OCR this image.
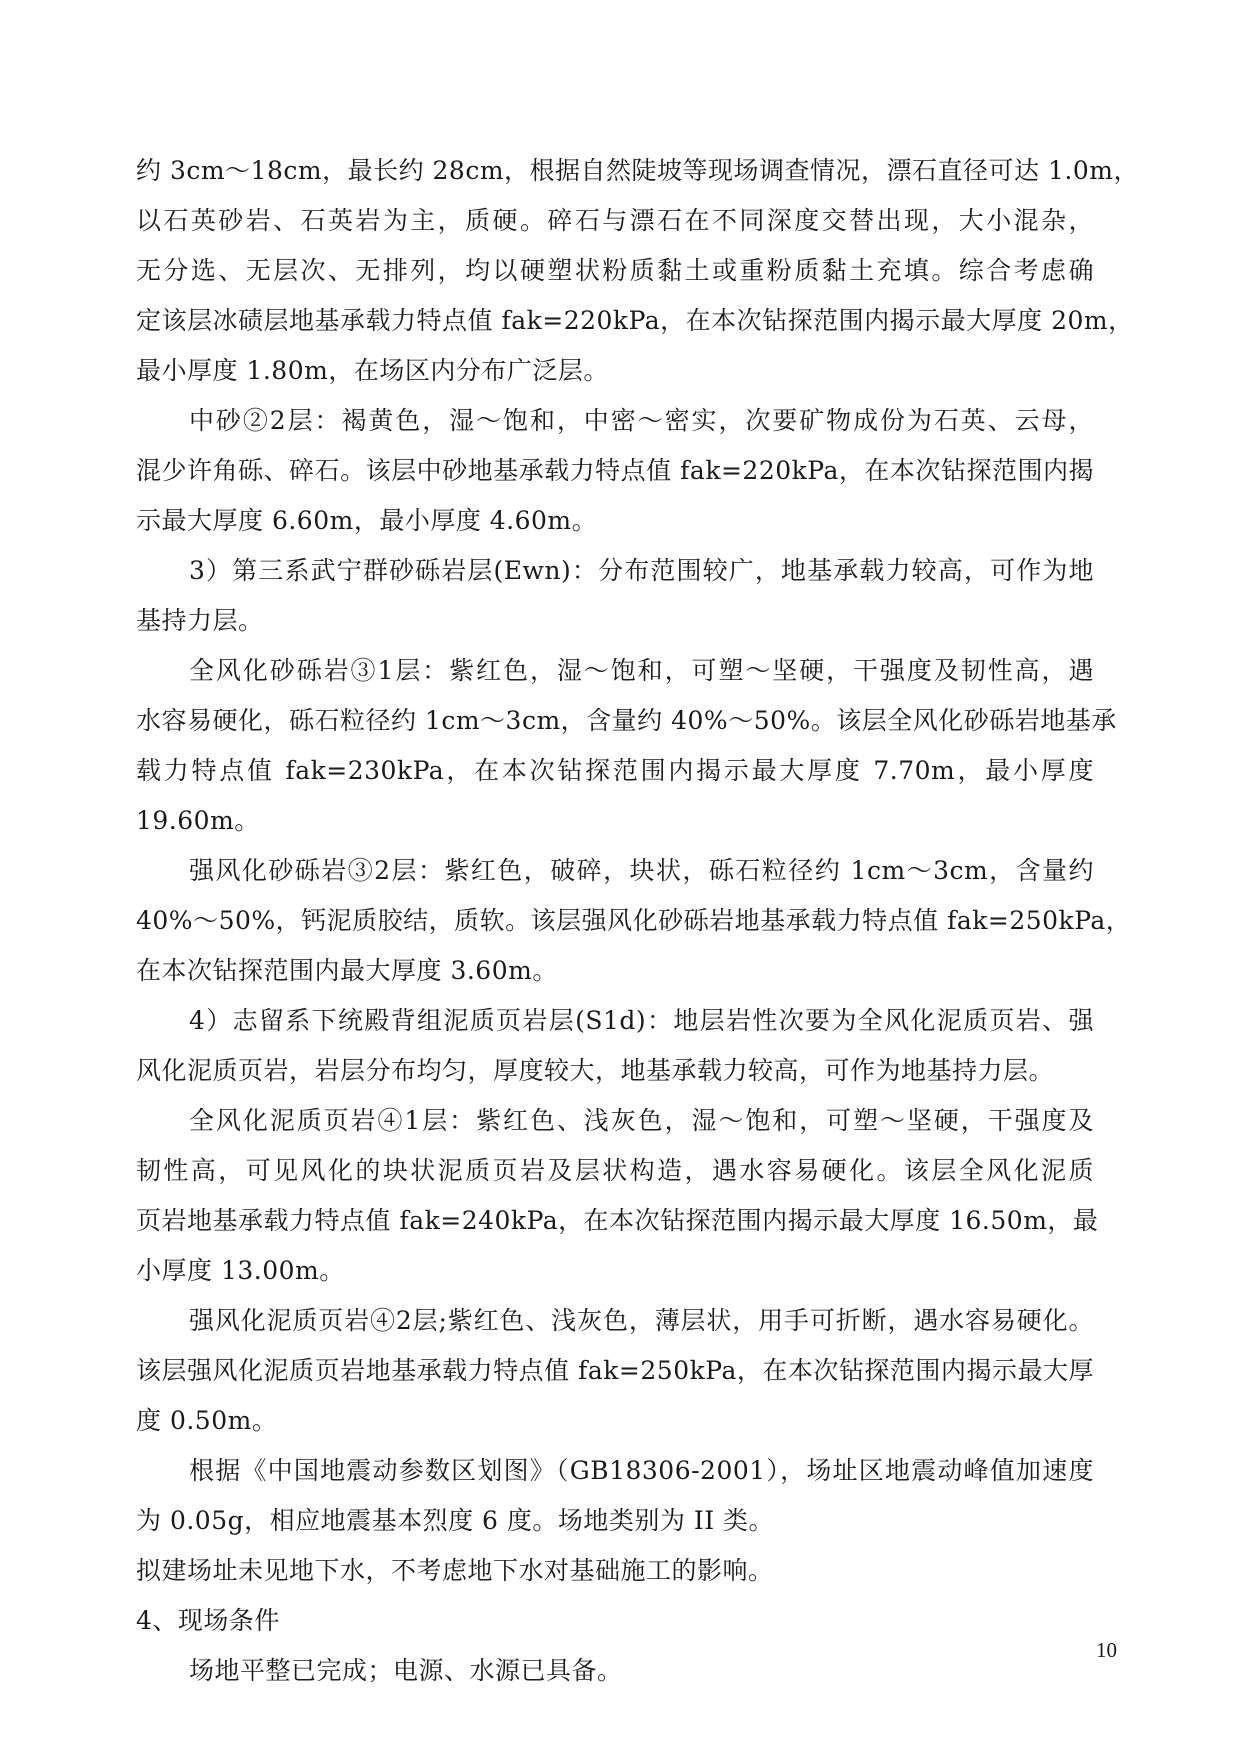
约 3cm～18cm，最长约 28cm，根据自然陡坡等现场调查情况，漂石直径可达 1.0m，
以石英砂岩、石英岩为主，质硬。碎石与漂石在不同深度交替出现，大小混杂，
无分选、无层次、无排列，均以硬塑状粉质黏土或重粉质黏土充填。综合考虑确
定该层冰碛层地基承载力特点值 fak=220kPa，在本次钻探范围内揭示最大厚度 20m，
最小厚度 1.80m，在场区内分布广泛层。
中砂②2层：褐黄色，湿～饱和，中密～密实，次要矿物成份为石英、云母，
混少许角砾、碎石。该层中砂地基承载力特点值 fak=220kPa，在本次钻探范围内揭
示最大厚度 6.60m，最小厚度 4.60m。
3）第三系武宁群砂砾岩层(Ewn)：分布范围较广，地基承载力较高，可作为地
基持力层。
全风化砂砾岩③1层：紫红色，湿～饱和，可塑～坚硬，干强度及韧性高，遇
水容易硬化，砾石粒径约 1cm～3cm，含量约 40%～50%。该层全风化砂砾岩地基承
载力特点值 fak=230kPa，在本次钻探范围内揭示最大厚度 7.70m，最小厚度
19.60m。
强风化砂砾岩③2层：紫红色，破碎，块状，砾石粒径约 1cm～3cm，含量约
40%～50%，钙泥质胶结，质软。该层强风化砂砾岩地基承载力特点值 fak=250kPa，
在本次钻探范围内最大厚度 3.60m。
4）志留系下统殿背组泥质页岩层(S1d)：地层岩性次要为全风化泥质页岩、强
风化泥质页岩，岩层分布均匀，厚度较大，地基承载力较高，可作为地基持力层。
全风化泥质页岩④1层：紫红色、浅灰色，湿～饱和，可塑～坚硬，干强度及
韧性高，可见风化的块状泥质页岩及层状构造，遇水容易硬化。该层全风化泥质
页岩地基承载力特点值 fak=240kPa，在本次钻探范围内揭示最大厚度 16.50m，最
小厚度 13.00m。
强风化泥质页岩④2层;紫红色、浅灰色，薄层状，用手可折断，遇水容易硬化。
该层强风化泥质页岩地基承载力特点值 fak=250kPa，在本次钻探范围内揭示最大厚
度 0.50m。
根据《中国地震动参数区划图》（GB18306-2001），场址区地震动峰值加速度
为 0.05g，相应地震基本烈度 6 度。场地类别为 II 类。
拟建场址未见地下水，不考虑地下水对基础施工的影响。
4、现场条件
场地平整已完成；电源、水源已具备。
10
